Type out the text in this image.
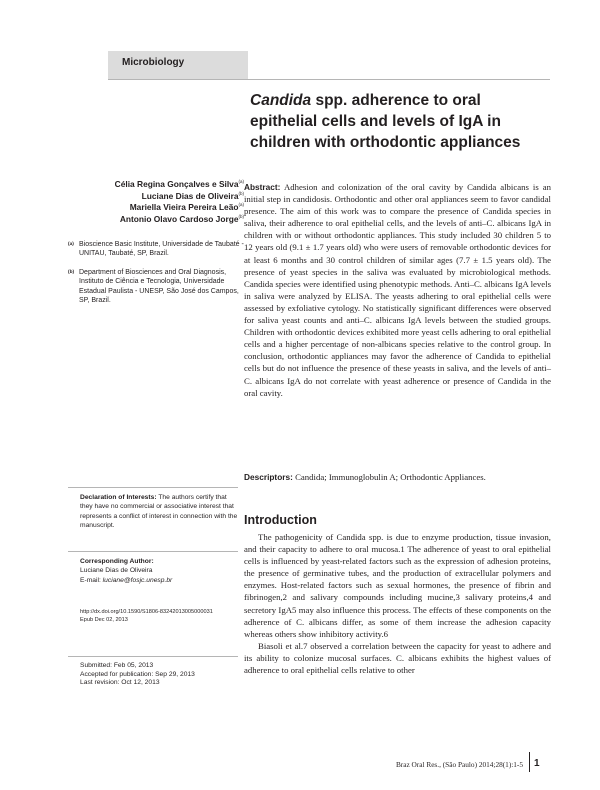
Microbiology
Candida spp. adherence to oral epithelial cells and levels of IgA in children with orthodontic appliances
Célia Regina Gonçalves e Silva$^{(a)}$
Luciane Dias de Oliveira$^{(b)}$
Mariella Vieira Pereira Leão$^{(a)}$
Antonio Olavo Cardoso Jorge$^{(b)}$
(a) Bioscience Basic Institute, Universidade de Taubaté - UNITAU, Taubaté, SP, Brazil.
(b) Department of Biosciences and Oral Diagnosis, Instituto de Ciência e Tecnologia, Universidade Estadual Paulista - UNESP, São José dos Campos, SP, Brazil.
Abstract: Adhesion and colonization of the oral cavity by Candida albicans is an initial step in candidosis. Orthodontic and other oral appliances seem to favor candidal presence. The aim of this work was to compare the presence of Candida species in saliva, their adherence to oral epithelial cells, and the levels of anti–C. albicans IgA in children with or without orthodontic appliances. This study included 30 children 5 to 12 years old (9.1 ± 1.7 years old) who were users of removable orthodontic devices for at least 6 months and 30 control children of similar ages (7.7 ± 1.5 years old). The presence of yeast species in the saliva was evaluated by microbiological methods. Candida species were identified using phenotypic methods. Anti–C. albicans IgA levels in saliva were analyzed by ELISA. The yeasts adhering to oral epithelial cells were assessed by exfoliative cytology. No statistically significant differences were observed for saliva yeast counts and anti–C. albicans IgA levels between the studied groups. Children with orthodontic devices exhibited more yeast cells adhering to oral epithelial cells and a higher percentage of non-albicans species relative to the control group. In conclusion, orthodontic appliances may favor the adherence of Candida to epithelial cells but do not influence the presence of these yeasts in saliva, and the levels of anti–C. albicans IgA do not correlate with yeast adherence or presence of Candida in the oral cavity.
Descriptors: Candida; Immunoglobulin A; Orthodontic Appliances.
Declaration of Interests: The authors certify that they have no commercial or associative interest that represents a conflict of interest in connection with the manuscript.
Corresponding Author:
Luciane Dias de Oliveira
E-mail: luciane@fosjc.unesp.br
http://dx.doi.org/10.1590/S1806-83242013005000031
Epub Dec 02, 2013
Submitted: Feb 05, 2013
Accepted for publication: Sep 29, 2013
Last revision: Oct 12, 2013
Introduction

The pathogenicity of Candida spp. is due to enzyme production, tissue invasion, and their capacity to adhere to oral mucosa.1 The adherence of yeast to oral epithelial cells is influenced by yeast-related factors such as the expression of adhesion proteins, the presence of germinative tubes, and the production of extracellular polymers and enzymes. Host-related factors such as sexual hormones, the presence of fibrin and fibrinogen,2 and salivary compounds including mucine,3 salivary proteins,4 and secretory IgA5 may also influence this process. The effects of these components on the adherence of C. albicans differ, as some of them increase the adhesion capacity whereas others show inhibitory activity.6

Biasoli et al.7 observed a correlation between the capacity for yeast to adhere and its ability to colonize mucosal surfaces. C. albicans exhibits the highest values of adherence to oral epithelial cells relative to other

Braz Oral Res., (São Paulo) 2014;28(1):1-5 1
